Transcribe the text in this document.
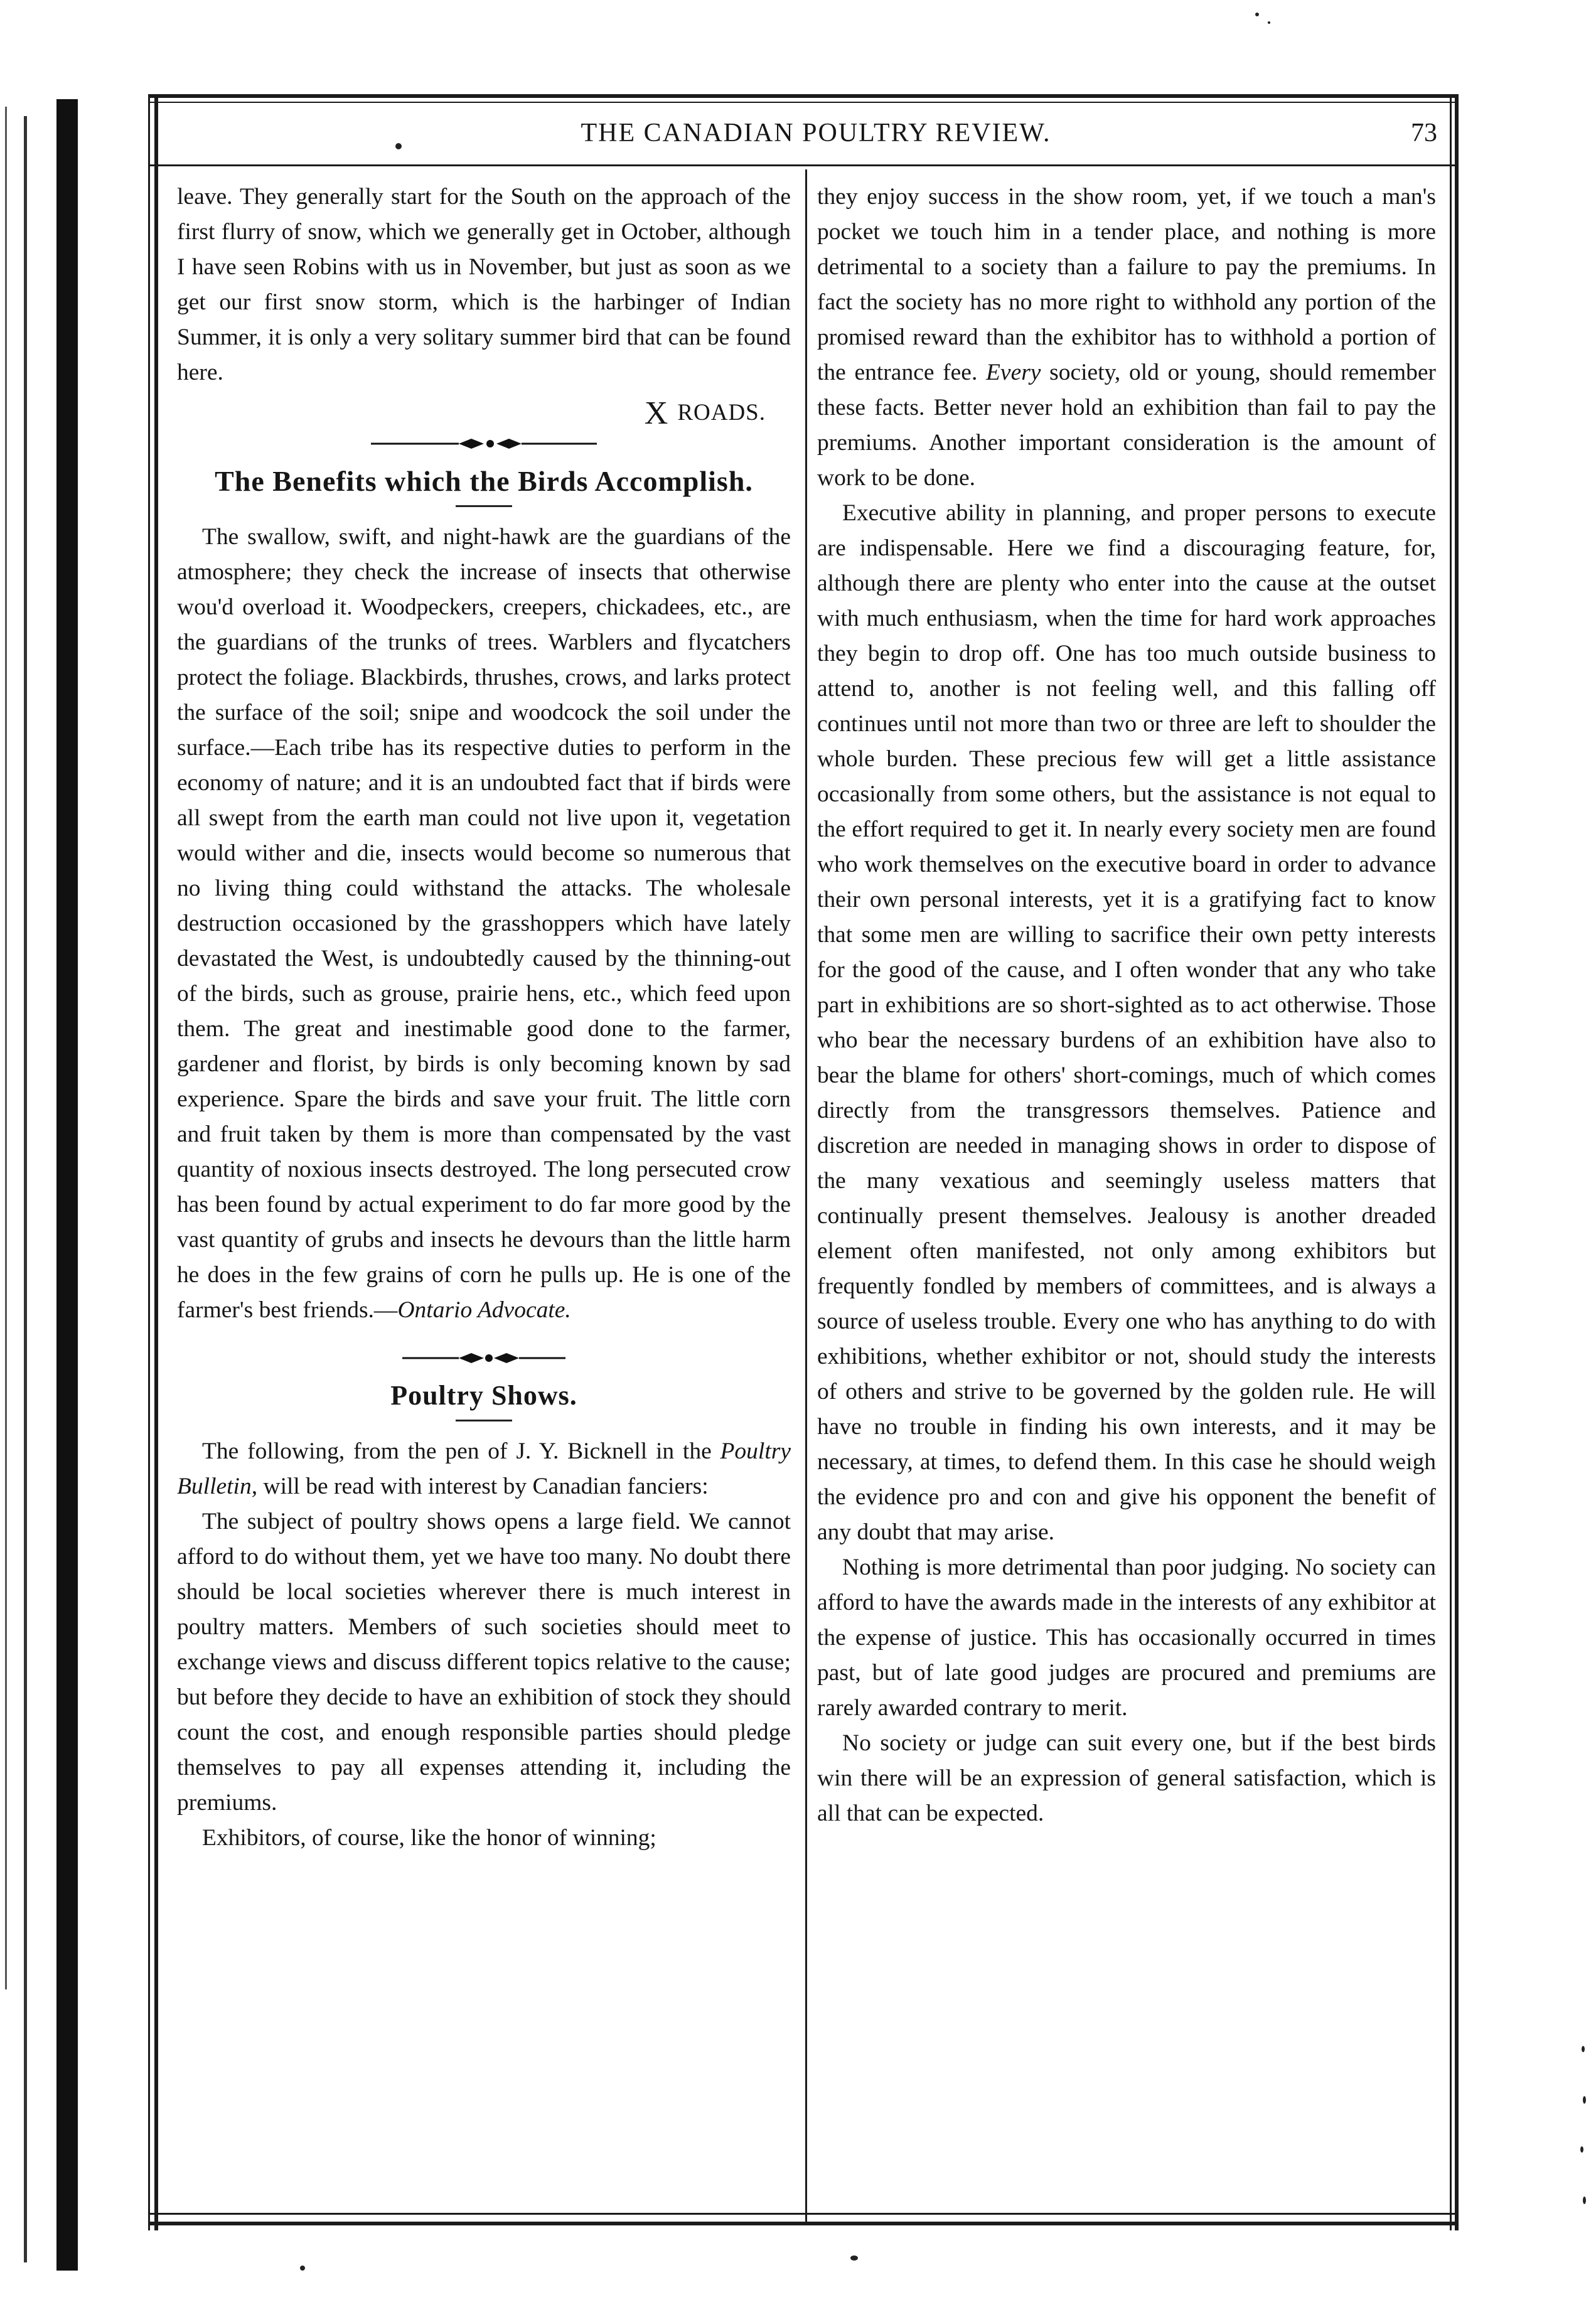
THE CANADIAN POULTRY REVIEW.	73

leave. They generally start for the South on the approach of the first flurry of snow, which we generally get in October, although I have seen Robins with us in November, but just as soon as we get our first snow storm, which is the harbinger of Indian Summer, it is only a very solitary summer bird that can be found here.

X ROADS.
The Benefits which the Birds Accomplish.

The swallow, swift, and night-hawk are the guardians of the atmosphere; they check the increase of insects that otherwise wou'd overload it. Woodpeckers, creepers, chickadees, etc., are the guardians of the trunks of trees. Warblers and flycatchers protect the foliage. Blackbirds, thrushes, crows, and larks protect the surface of the soil; snipe and woodcock the soil under the surface.—Each tribe has its respective duties to perform in the economy of nature; and it is an undoubted fact that if birds were all swept from the earth man could not live upon it, vegetation would wither and die, insects would become so numerous that no living thing could withstand the attacks. The wholesale destruction occasioned by the grasshoppers which have lately devastated the West, is undoubtedly caused by the thinning-out of the birds, such as grouse, prairie hens, etc., which feed upon them. The great and inestimable good done to the farmer, gardener and florist, by birds is only becoming known by sad experience. Spare the birds and save your fruit. The little corn and fruit taken by them is more than compensated by the vast quantity of noxious insects destroyed. The long persecuted crow has been found by actual experiment to do far more good by the vast quantity of grubs and insects he devours than the little harm he does in the few grains of corn he pulls up. He is one of the farmer's best friends.—Ontario Advocate.

Poultry Shows.

The following, from the pen of J. Y. Bicknell in the Poultry Bulletin, will be read with interest by Canadian fanciers:

The subject of poultry shows opens a large field. We cannot afford to do without them, yet we have too many. No doubt there should be local societies wherever there is much interest in poultry matters. Members of such societies should meet to exchange views and discuss different topics relative to the cause; but before they decide to have an exhibition of stock they should count the cost, and enough responsible parties should pledge themselves to pay all expenses attending it, including the premiums.

Exhibitors, of course, like the honor of winning;

they enjoy success in the show room, yet, if we touch a man's pocket we touch him in a tender place, and nothing is more detrimental to a society than a failure to pay the premiums. In fact the society has no more right to withhold any portion of the promised reward than the exhibitor has to withhold a portion of the entrance fee. Every society, old or young, should remember these facts. Better never hold an exhibition than fail to pay the premiums. Another important consideration is the amount of work to be done.

Executive ability in planning, and proper persons to execute are indispensable. Here we find a discouraging feature, for, although there are plenty who enter into the cause at the outset with much enthusiasm, when the time for hard work approaches they begin to drop off. One has too much outside business to attend to, another is not feeling well, and this falling off continues until not more than two or three are left to shoulder the whole burden. These precious few will get a little assistance occasionally from some others, but the assistance is not equal to the effort required to get it. In nearly every society men are found who work themselves on the executive board in order to advance their own personal interests, yet it is a gratifying fact to know that some men are willing to sacrifice their own petty interests for the good of the cause, and I often wonder that any who take part in exhibitions are so short-sighted as to act otherwise. Those who bear the necessary burdens of an exhibition have also to bear the blame for others' short-comings, much of which comes directly from the transgressors themselves. Patience and discretion are needed in managing shows in order to dispose of the many vexatious and seemingly useless matters that continually present themselves. Jealousy is another dreaded element often manifested, not only among exhibitors but frequently fondled by members of committees, and is always a source of useless trouble. Every one who has anything to do with exhibitions, whether exhibitor or not, should study the interests of others and strive to be governed by the golden rule. He will have no trouble in finding his own interests, and it may be necessary, at times, to defend them. In this case he should weigh the evidence pro and con and give his opponent the benefit of any doubt that may arise.

Nothing is more detrimental than poor judging. No society can afford to have the awards made in the interests of any exhibitor at the expense of justice. This has occasionally occurred in times past, but of late good judges are procured and premiums are rarely awarded contrary to merit.

No society or judge can suit every one, but if the best birds win there will be an expression of general satisfaction, which is all that can be expected.
